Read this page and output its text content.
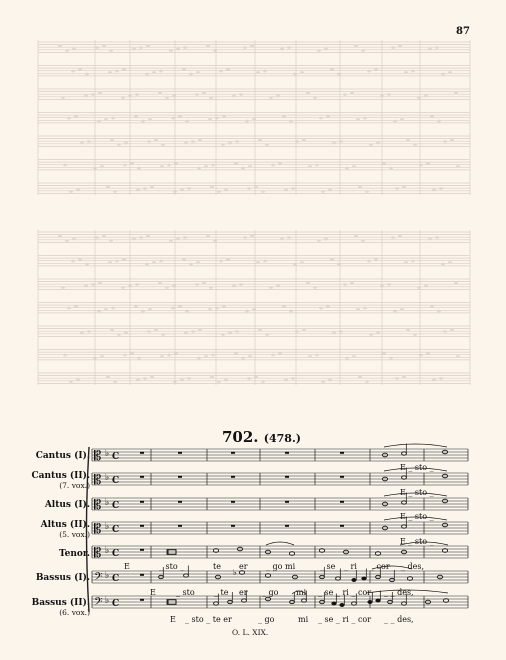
87
702. (478.)
Cantus (I).
Cantus (II).
(7. vox.)
Altus (I).
Altus (II).
(5. vox.)
Tenor.
Bassus (I).
Bassus (II).
(6. vox.)
♭
𝄡 ♭ C
𝄡 ♭ C
𝄡 ♭ C
𝄡 ♭ C
𝄡 ♭ C
𝄢 ♭ C
𝄢 ♭ C
E _ sto _
E _ sto _
E _ sto _
E _ sto _
E	_ sto _	te er _ go mi	_ se _ ri _ cor _ des,
E	_ sto _ te er _ go mi _ se _ ri _ cor _ _ des,
E _ sto _ te er	_ go	mi _ se _ ri _ cor _ _ des,
O. L. XIX.
